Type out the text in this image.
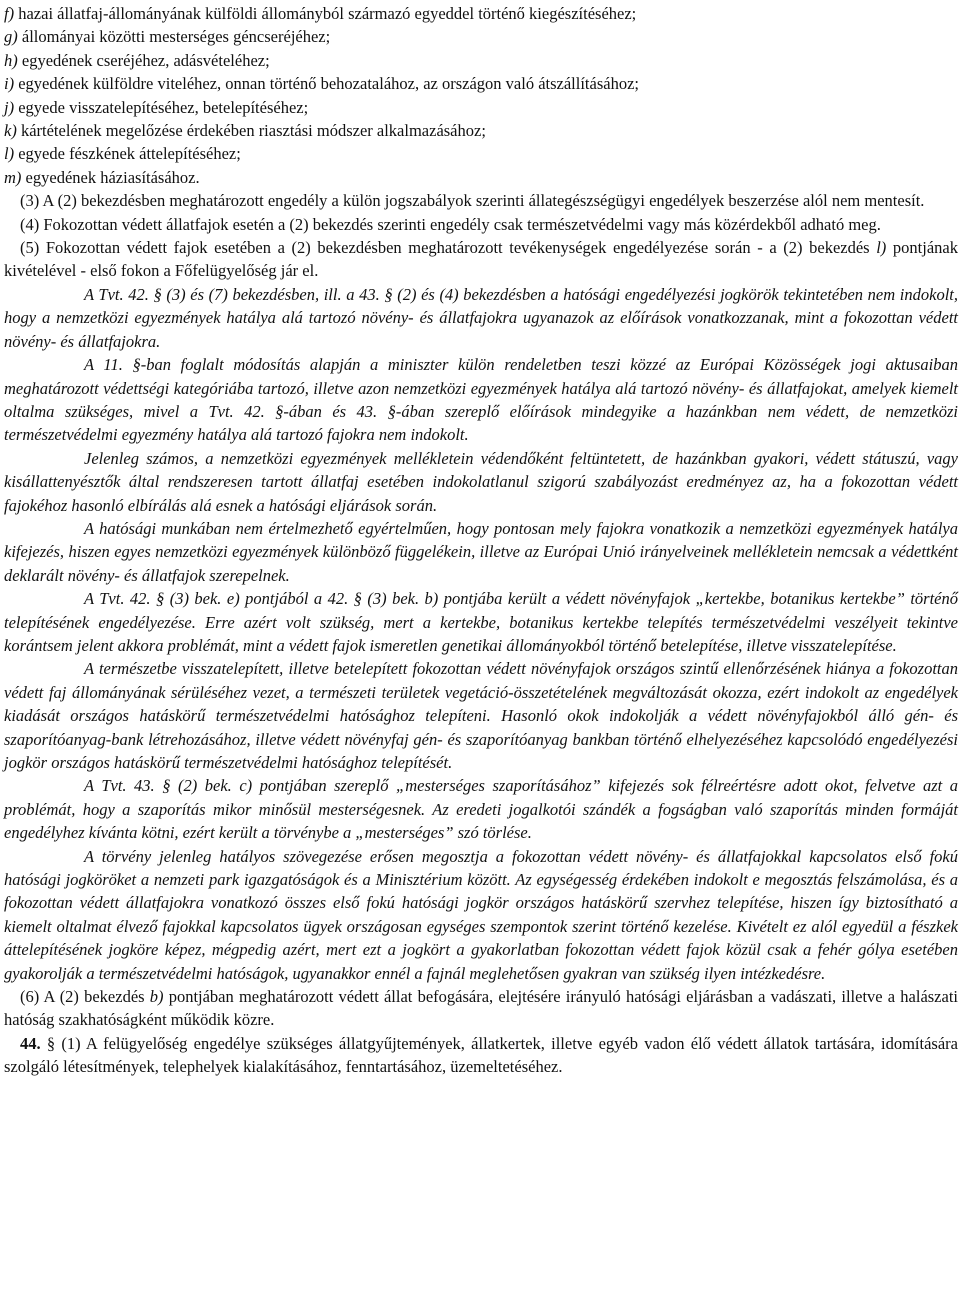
f) hazai állatfaj-állományának külföldi állományból származó egyeddel történő kiegészítéséhez;
g) állományai közötti mesterséges géncseréjéhez;
h) egyedének cseréjéhez, adásvételéhez;
i) egyedének külföldre viteléhez, onnan történő behozatalához, az országon való átszállításához;
j) egyede visszatelepítéséhez, betelepítéséhez;
k) kártételének megelőzése érdekében riasztási módszer alkalmazásához;
l) egyede fészkének áttelepítéséhez;
m) egyedének háziasításához.
(3) A (2) bekezdésben meghatározott engedély a külön jogszabályok szerinti állategészségügyi engedélyek beszerzése alól nem mentesít.
(4) Fokozottan védett állatfajok esetén a (2) bekezdés szerinti engedély csak természetvédelmi vagy más közérdekből adható meg.
(5) Fokozottan védett fajok esetében a (2) bekezdésben meghatározott tevékenységek engedélyezése során - a (2) bekezdés l) pontjának kivételével - első fokon a Főfelügyelőség jár el.
A Tvt. 42. § (3) és (7) bekezdésben, ill. a 43. § (2) és (4) bekezdésben a hatósági engedélyezési jogkörök tekintetében nem indokolt, hogy a nemzetközi egyezmények hatálya alá tartozó növény- és állatfajokra ugyanazok az előírások vonatkozzanak, mint a fokozottan védett növény- és állatfajokra.
A 11. §-ban foglalt módosítás alapján a miniszter külön rendeletben teszi közzé az Európai Közösségek jogi aktusaiban meghatározott védettségi kategóriába tartozó, illetve azon nemzetközi egyezmények hatálya alá tartozó növény- és állatfajokat, amelyek kiemelt oltalma szükséges, mivel a Tvt. 42. §-ában és 43. §-ában szereplő előírások mindegyike a hazánkban nem védett, de nemzetközi természetvédelmi egyezmény hatálya alá tartozó fajokra nem indokolt.
Jelenleg számos, a nemzetközi egyezmények mellékletein védendőként feltüntetett, de hazánkban gyakori, védett státuszú, vagy kisállattenyésztők által rendszeresen tartott állatfaj esetében indokolatlanul szigorú szabályozást eredményez az, ha a fokozottan védett fajokéhoz hasonló elbírálás alá esnek a hatósági eljárások során.
A hatósági munkában nem értelmezhető egyértelműen, hogy pontosan mely fajokra vonatkozik a nemzetközi egyezmények hatálya kifejezés, hiszen egyes nemzetközi egyezmények különböző függelékein, illetve az Európai Unió irányelveinek mellékletein nemcsak a védettként deklarált növény- és állatfajok szerepelnek.
A Tvt. 42. § (3) bek. e) pontjából a 42. § (3) bek. b) pontjába került a védett növényfajok „kertekbe, botanikus kertekbe” történő telepítésének engedélyezése. Erre azért volt szükség, mert a kertekbe, botanikus kertekbe telepítés természetvédelmi veszélyeit tekintve korántsem jelent akkora problémát, mint a védett fajok ismeretlen genetikai állományokból történő betelepítése, illetve visszatelepítése.
A természetbe visszatelepített, illetve betelepített fokozottan védett növényfajok országos szintű ellenőrzésének hiánya a fokozottan védett faj állományának sérüléséhez vezet, a természeti területek vegetáció-összetételének megváltozását okozza, ezért indokolt az engedélyek kiadását országos hatáskörű természetvédelmi hatósághoz telepíteni. Hasonló okok indokolják a védett növényfajokból álló gén- és szaporítóanyag-bank létrehozásához, illetve védett növényfaj gén- és szaporítóanyag bankban történő elhelyezéséhez kapcsolódó engedélyezési jogkör országos hatáskörű természetvédelmi hatósághoz telepítését.
A Tvt. 43. § (2) bek. c) pontjában szereplő „mesterséges szaporításához” kifejezés sok félreértésre adott okot, felvetve azt a problémát, hogy a szaporítás mikor minősül mesterségesnek. Az eredeti jogalkotói szándék a fogságban való szaporítás minden formáját engedélyhez kívánta kötni, ezért került a törvénybe a „mesterséges” szó törlése.
A törvény jelenleg hatályos szövegezése erősen megosztja a fokozottan védett növény- és állatfajokkal kapcsolatos első fokú hatósági jogköröket a nemzeti park igazgatóságok és a Minisztérium között. Az egységesség érdekében indokolt e megosztás felszámolása, és a fokozottan védett állatfajokra vonatkozó összes első fokú hatósági jogkör országos hatáskörű szervhez telepítése, hiszen így biztosítható a kiemelt oltalmat élvező fajokkal kapcsolatos ügyek országosan egységes szempontok szerint történő kezelése. Kivételt ez alól egyedül a fészkek áttelepítésének jogköre képez, mégpedig azért, mert ezt a jogkört a gyakorlatban fokozottan védett fajok közül csak a fehér gólya esetében gyakorolják a természetvédelmi hatóságok, ugyanakkor ennél a fajnál meglehetősen gyakran van szükség ilyen intézkedésre.
(6) A (2) bekezdés b) pontjában meghatározott védett állat befogására, elejtésére irányuló hatósági eljárásban a vadászati, illetve a halászati hatóság szakhatóságként működik közre.
44. § (1) A felügyelőség engedélye szükséges állatgyűjtemények, állatkertek, illetve egyéb vadon élő védett állatok tartására, idomítására szolgáló létesítmények, telephelyek kialakításához, fenntartásához, üzemeltetéséhez.
